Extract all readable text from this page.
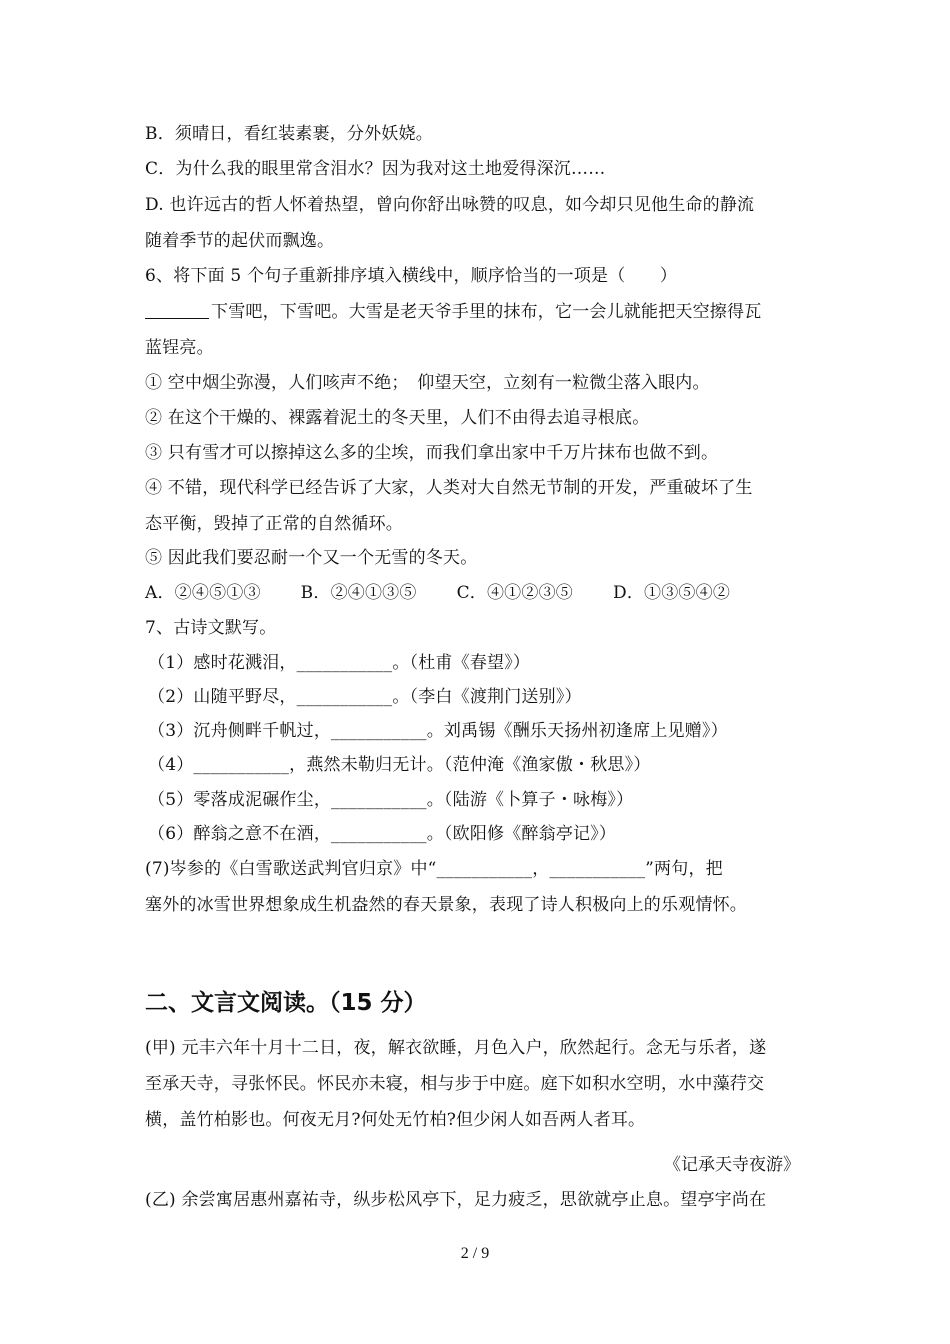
B．须晴日，看红装素裹，分外妖娆。
C．为什么我的眼里常含泪水？因为我对这土地爱得深沉……
D. 也许远古的哲人怀着热望，曾向你舒出咏赞的叹息，如今却只见他生命的静流
随着季节的起伏而飘逸。
6、将下面 5 个句子重新排序填入横线中，顺序恰当的一项是（　　）
下雪吧，下雪吧。大雪是老天爷手里的抹布，它一会儿就能把天空擦得瓦
蓝锃亮。
① 空中烟尘弥漫，人们咳声不绝；　仰望天空，立刻有一粒微尘落入眼内。
② 在这个干燥的、裸露着泥土的冬天里，人们不由得去追寻根底。
③ 只有雪才可以擦掉这么多的尘埃，而我们拿出家中千万片抹布也做不到。
④ 不错，现代科学已经告诉了大家，人类对大自然无节制的开发，严重破坏了生
态平衡，毁掉了正常的自然循环。
⑤ 因此我们要忍耐一个又一个无雪的冬天。
A．②④⑤①③　　 B．②④①③⑤　　 C．④①②③⑤　　 D．①③⑤④②
7、古诗文默写。
（1）感时花溅泪，___________。（杜甫《春望》）
（2）山随平野尽，___________。（李白《渡荆门送别》）
（3）沉舟侧畔千帆过，___________。刘禹锡《酬乐天扬州初逢席上见赠》）
（4）___________，燕然未勒归无计。（范仲淹《渔家傲・秋思》）
（5）零落成泥碾作尘，___________。（陆游《卜算子・咏梅》）
（6）醉翁之意不在酒，___________。（欧阳修《醉翁亭记》）
(7)岑参的《白雪歌送武判官归京》中“___________，___________”两句，把
塞外的冰雪世界想象成生机盎然的春天景象，表现了诗人积极向上的乐观情怀。
二、文言文阅读。（15 分）
(甲) 元丰六年十月十二日，夜，解衣欲睡，月色入户，欣然起行。念无与乐者，遂
至承天寺，寻张怀民。怀民亦未寝，相与步于中庭。庭下如积水空明，水中藻荇交
横，盖竹柏影也。何夜无月?何处无竹柏?但少闲人如吾两人者耳。
《记承天寺夜游》
(乙) 余尝寓居惠州嘉祐寺，纵步松风亭下，足力疲乏，思欲就亭止息。望亭宇尚在
2 / 9
